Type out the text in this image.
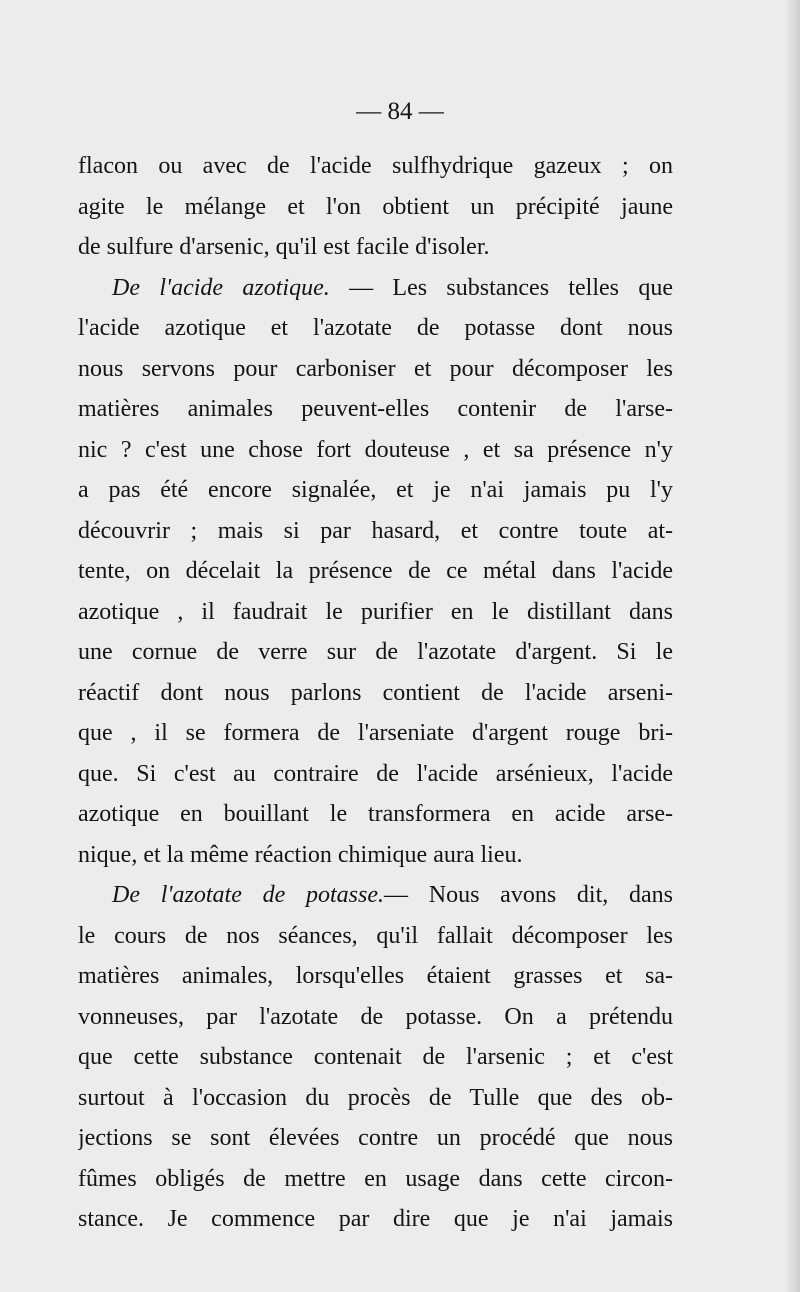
— 84 —
flacon ou avec de l'acide sulfhydrique gazeux ; on
agite le mélange et l'on obtient un précipité jaune
de sulfure d'arsenic, qu'il est facile d'isoler.
De l'acide azotique. — Les substances telles que
l'acide azotique et l'azotate de potasse dont nous
nous servons pour carboniser et pour décomposer les
matières animales peuvent-elles contenir de l'arse-
nic ? c'est une chose fort douteuse , et sa présence n'y
a pas été encore signalée, et je n'ai jamais pu l'y
découvrir ; mais si par hasard, et contre toute at-
tente, on décelait la présence de ce métal dans l'acide
azotique , il faudrait le purifier en le distillant dans
une cornue de verre sur de l'azotate d'argent. Si le
réactif dont nous parlons contient de l'acide arseni-
que , il se formera de l'arseniate d'argent rouge bri-
que. Si c'est au contraire de l'acide arsénieux, l'acide
azotique en bouillant le transformera en acide arse-
nique, et la même réaction chimique aura lieu.
De l'azotate de potasse.— Nous avons dit, dans
le cours de nos séances, qu'il fallait décomposer les
matières animales, lorsqu'elles étaient grasses et sa-
vonneuses, par l'azotate de potasse. On a prétendu
que cette substance contenait de l'arsenic ; et c'est
surtout à l'occasion du procès de Tulle que des ob-
jections se sont élevées contre un procédé que nous
fûmes obligés de mettre en usage dans cette circon-
stance. Je commence par dire que je n'ai jamais
